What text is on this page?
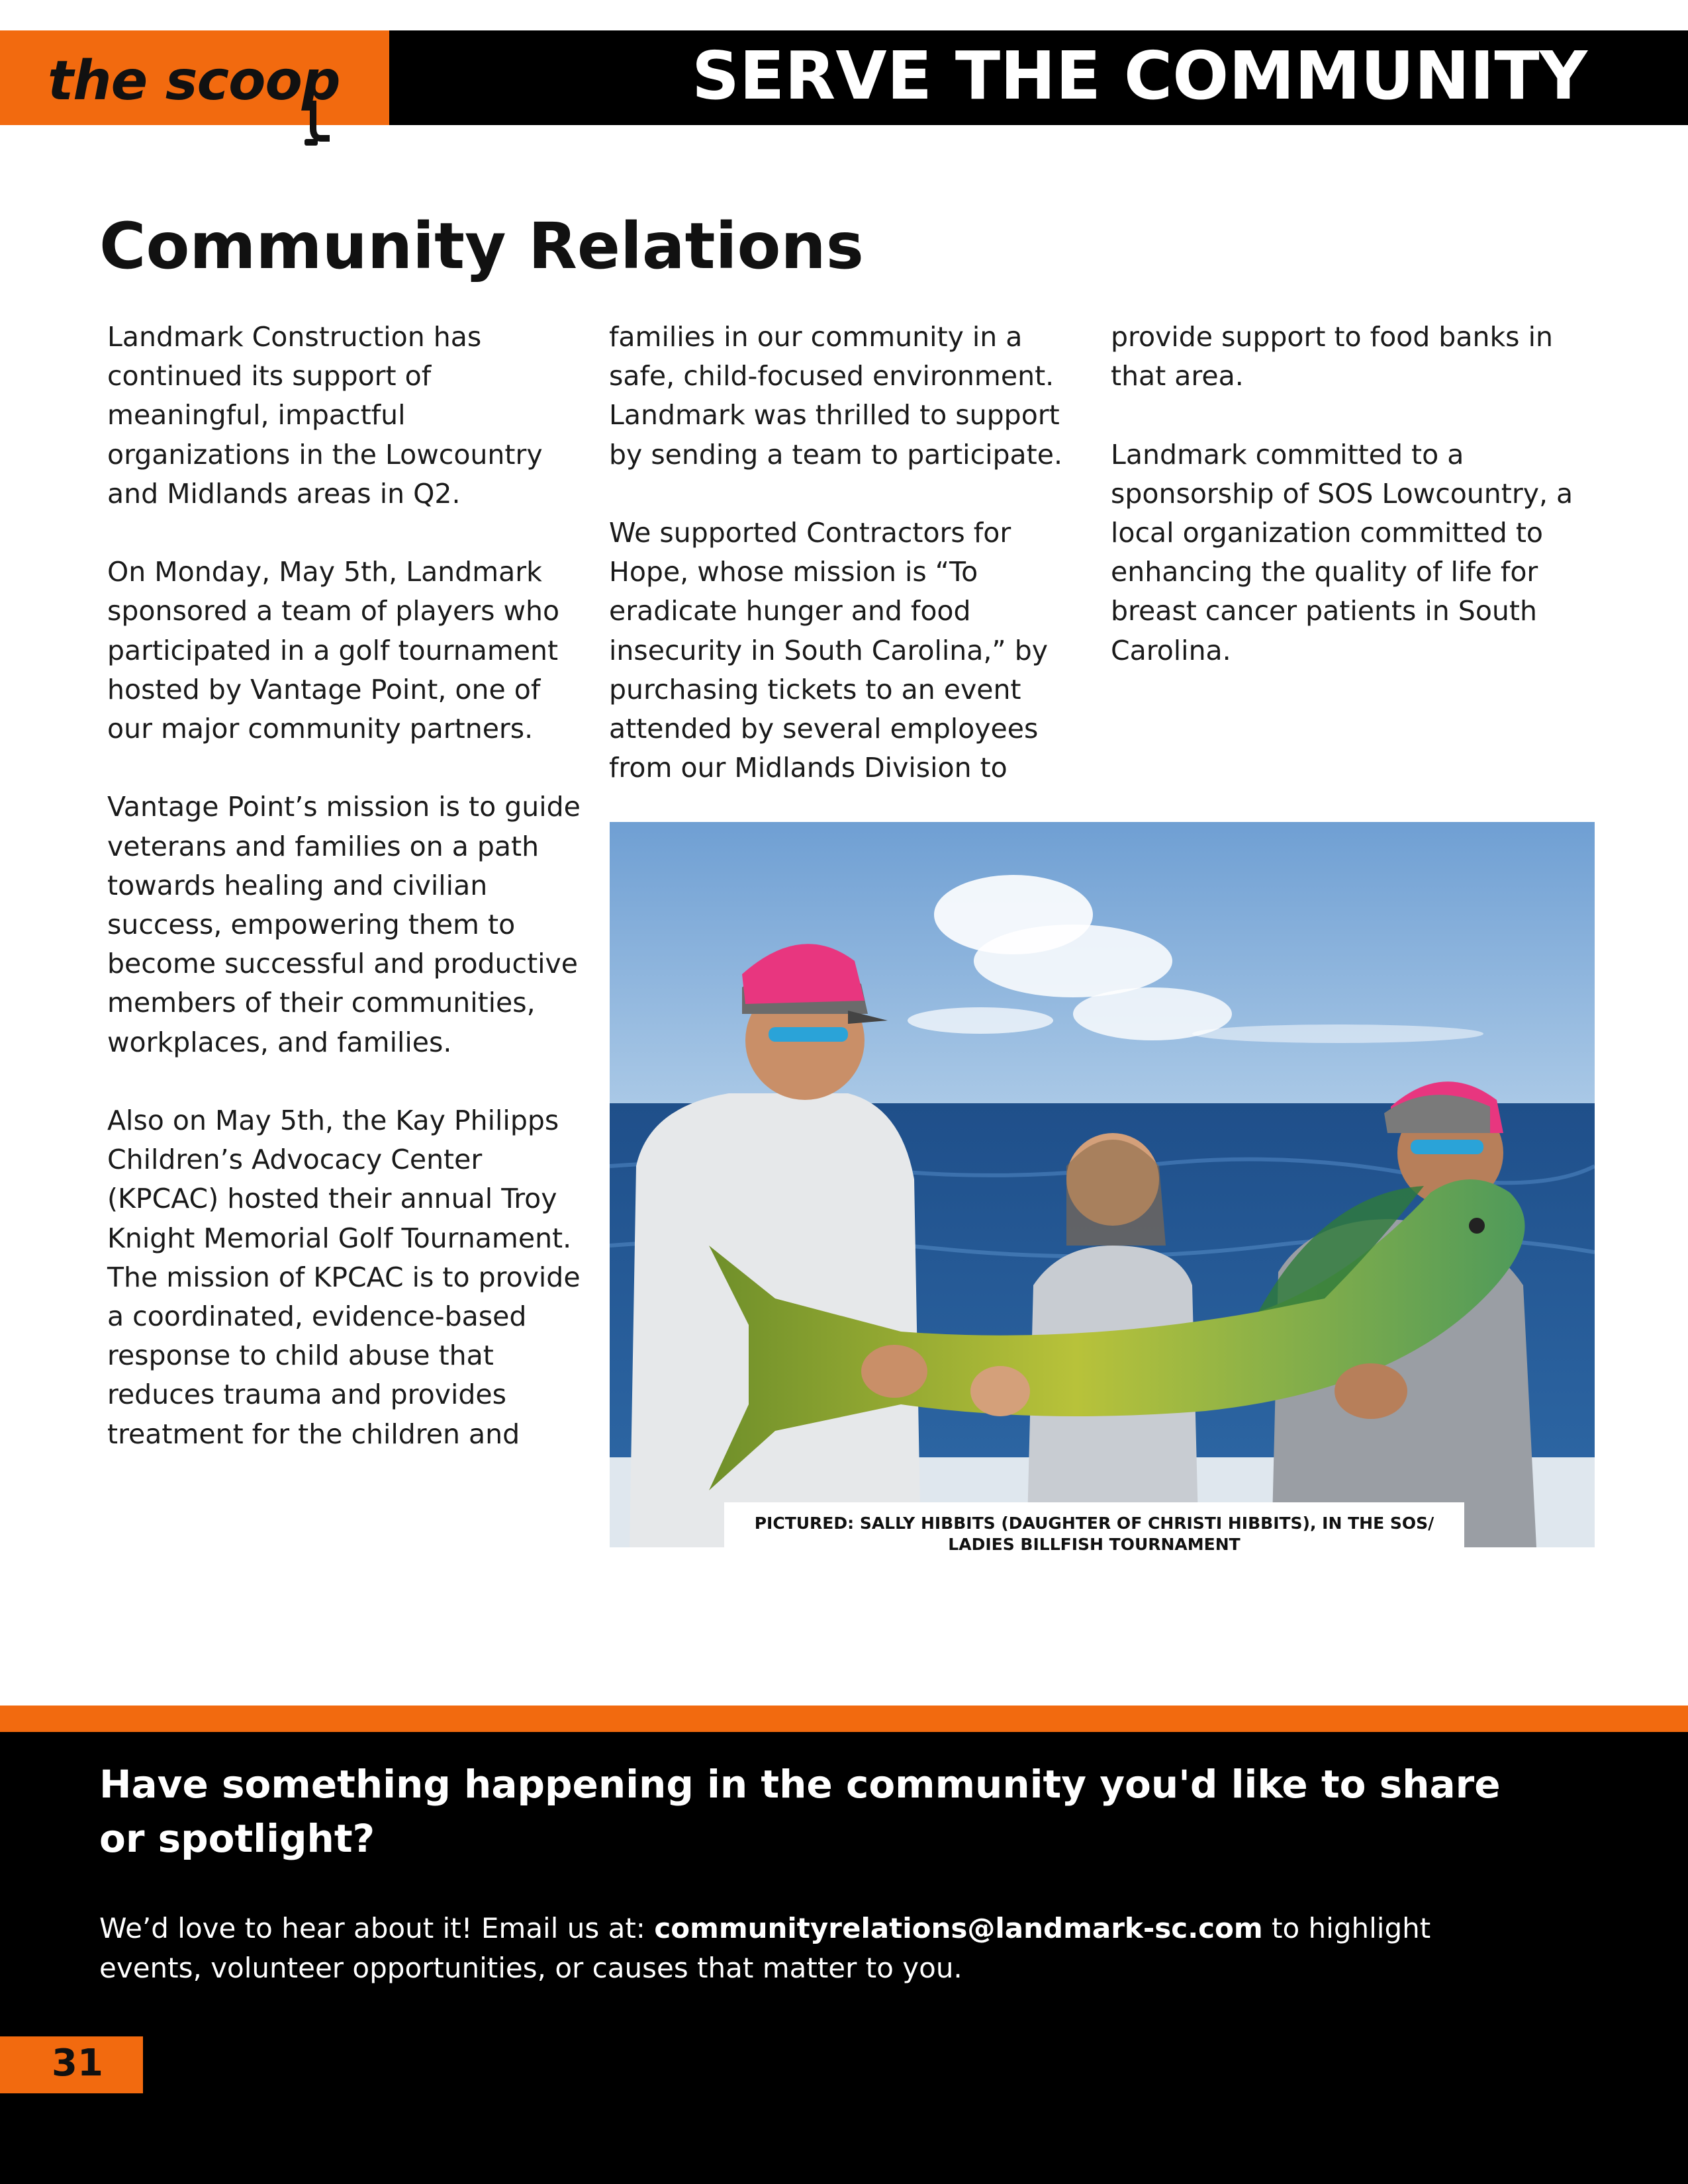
the scoop	SERVE THE COMMUNITY
Community Relations

Landmark Construction has continued its support of meaningful, impactful organizations in the Lowcountry and Midlands areas in Q2.

On Monday, May 5th, Landmark sponsored a team of players who participated in a golf tournament hosted by Vantage Point, one of our major community partners.

Vantage Point’s mission is to guide veterans and families on a path towards healing and civilian success, empowering them to become successful and productive members of their communities, workplaces, and families.

Also on May 5th, the Kay Philipps Children’s Advocacy Center (KPCAC) hosted their annual Troy Knight Memorial Golf Tournament. The mission of KPCAC is to provide a coordinated, evidence-based response to child abuse that reduces trauma and provides treatment for the children and

families in our community in a safe, child-focused environment. Landmark was thrilled to support by sending a team to participate.

We supported Contractors for Hope, whose mission is “To eradicate hunger and food insecurity in South Carolina,” by purchasing tickets to an event attended by several employees from our Midlands Division to

provide support to food banks in that area.

Landmark committed to a sponsorship of SOS Lowcountry, a local organization committed to enhancing the quality of life for breast cancer patients in South Carolina.

PICTURED: SALLY HIBBITS (DAUGHTER OF CHRISTI HIBBITS), IN THE SOS/ LADIES BILLFISH TOURNAMENT
Have something happening in the community you'd like to share or spotlight?

We’d love to hear about it! Email us at: communityrelations@landmark-sc.com to highlight events, volunteer opportunities, or causes that matter to you.

31
